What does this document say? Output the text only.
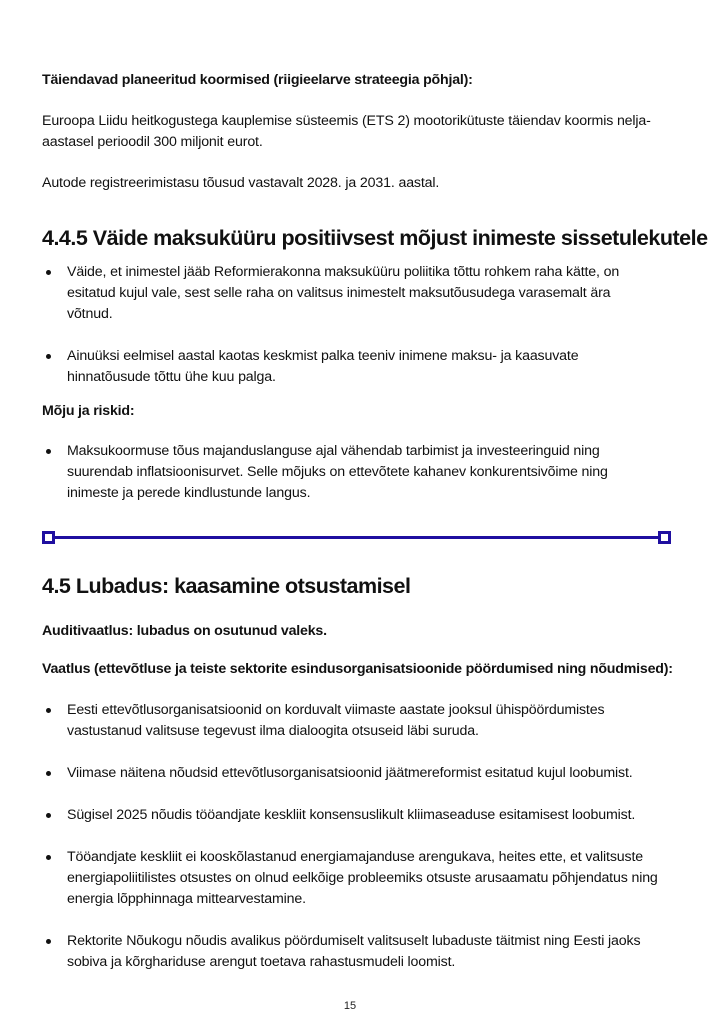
Täiendavad planeeritud koormised (riigieelarve strateegia põhjal):
Euroopa Liidu heitkogustega kauplemise süsteemis (ETS 2) mootorikütuste täiendav koormis nelja-aastasel perioodil 300 miljonit eurot.
Autode registreerimistasu tõusud vastavalt 2028. ja 2031. aastal.
4.4.5 Väide maksuküüru positiivsest mõjust inimeste sissetulekutele
Väide, et inimestel jääb Reformierakonna maksuküüru poliitika tõttu rohkem raha kätte, on esitatud kujul vale, sest selle raha on valitsus inimestelt maksutõusudega varasemalt ära võtnud.
Ainuüksi eelmisel aastal kaotas keskmist palka teeniv inimene maksu- ja kaasuvate hinnatõusude tõttu ühe kuu palga.
Mõju ja riskid:
Maksukoormuse tõus majanduslanguse ajal vähendab tarbimist ja investeeringuid ning suurendab inflatsioonisurvet. Selle mõjuks on ettevõtete kahanev konkurentsivõime ning inimeste ja perede kindlustunde langus.
4.5 Lubadus: kaasamine otsustamisel
Auditivaatlus: lubadus on osutunud valeks.
Vaatlus (ettevõtluse ja teiste sektorite esindusorganisatsioonide pöördumised ning nõudmised):
Eesti ettevõtlusorganisatsioonid on korduvalt viimaste aastate jooksul ühispöördumistes vastustanud valitsuse tegevust ilma dialoogita otsuseid läbi suruda.
Viimase näitena nõudsid ettevõtlusorganisatsioonid jäätmereformist esitatud kujul loobumist.
Sügisel 2025 nõudis tööandjate keskliit konsensuslikult kliimaseaduse esitamisest loobumist.
Tööandjate keskliit ei kooskõlastanud energiamajanduse arengukava, heites ette, et valitsuste energiapoliitilistes otsustes on olnud eelkõige probleemiks otsuste arusaamatu põhjendatus ning energia lõpphinnaga mittearvestamine.
Rektorite Nõukogu nõudis avalikus pöördumiselt valitsuselt lubaduste täitmist ning Eesti jaoks sobiva ja kõrghariduse arengut toetava rahastusmudeli loomist.
15
